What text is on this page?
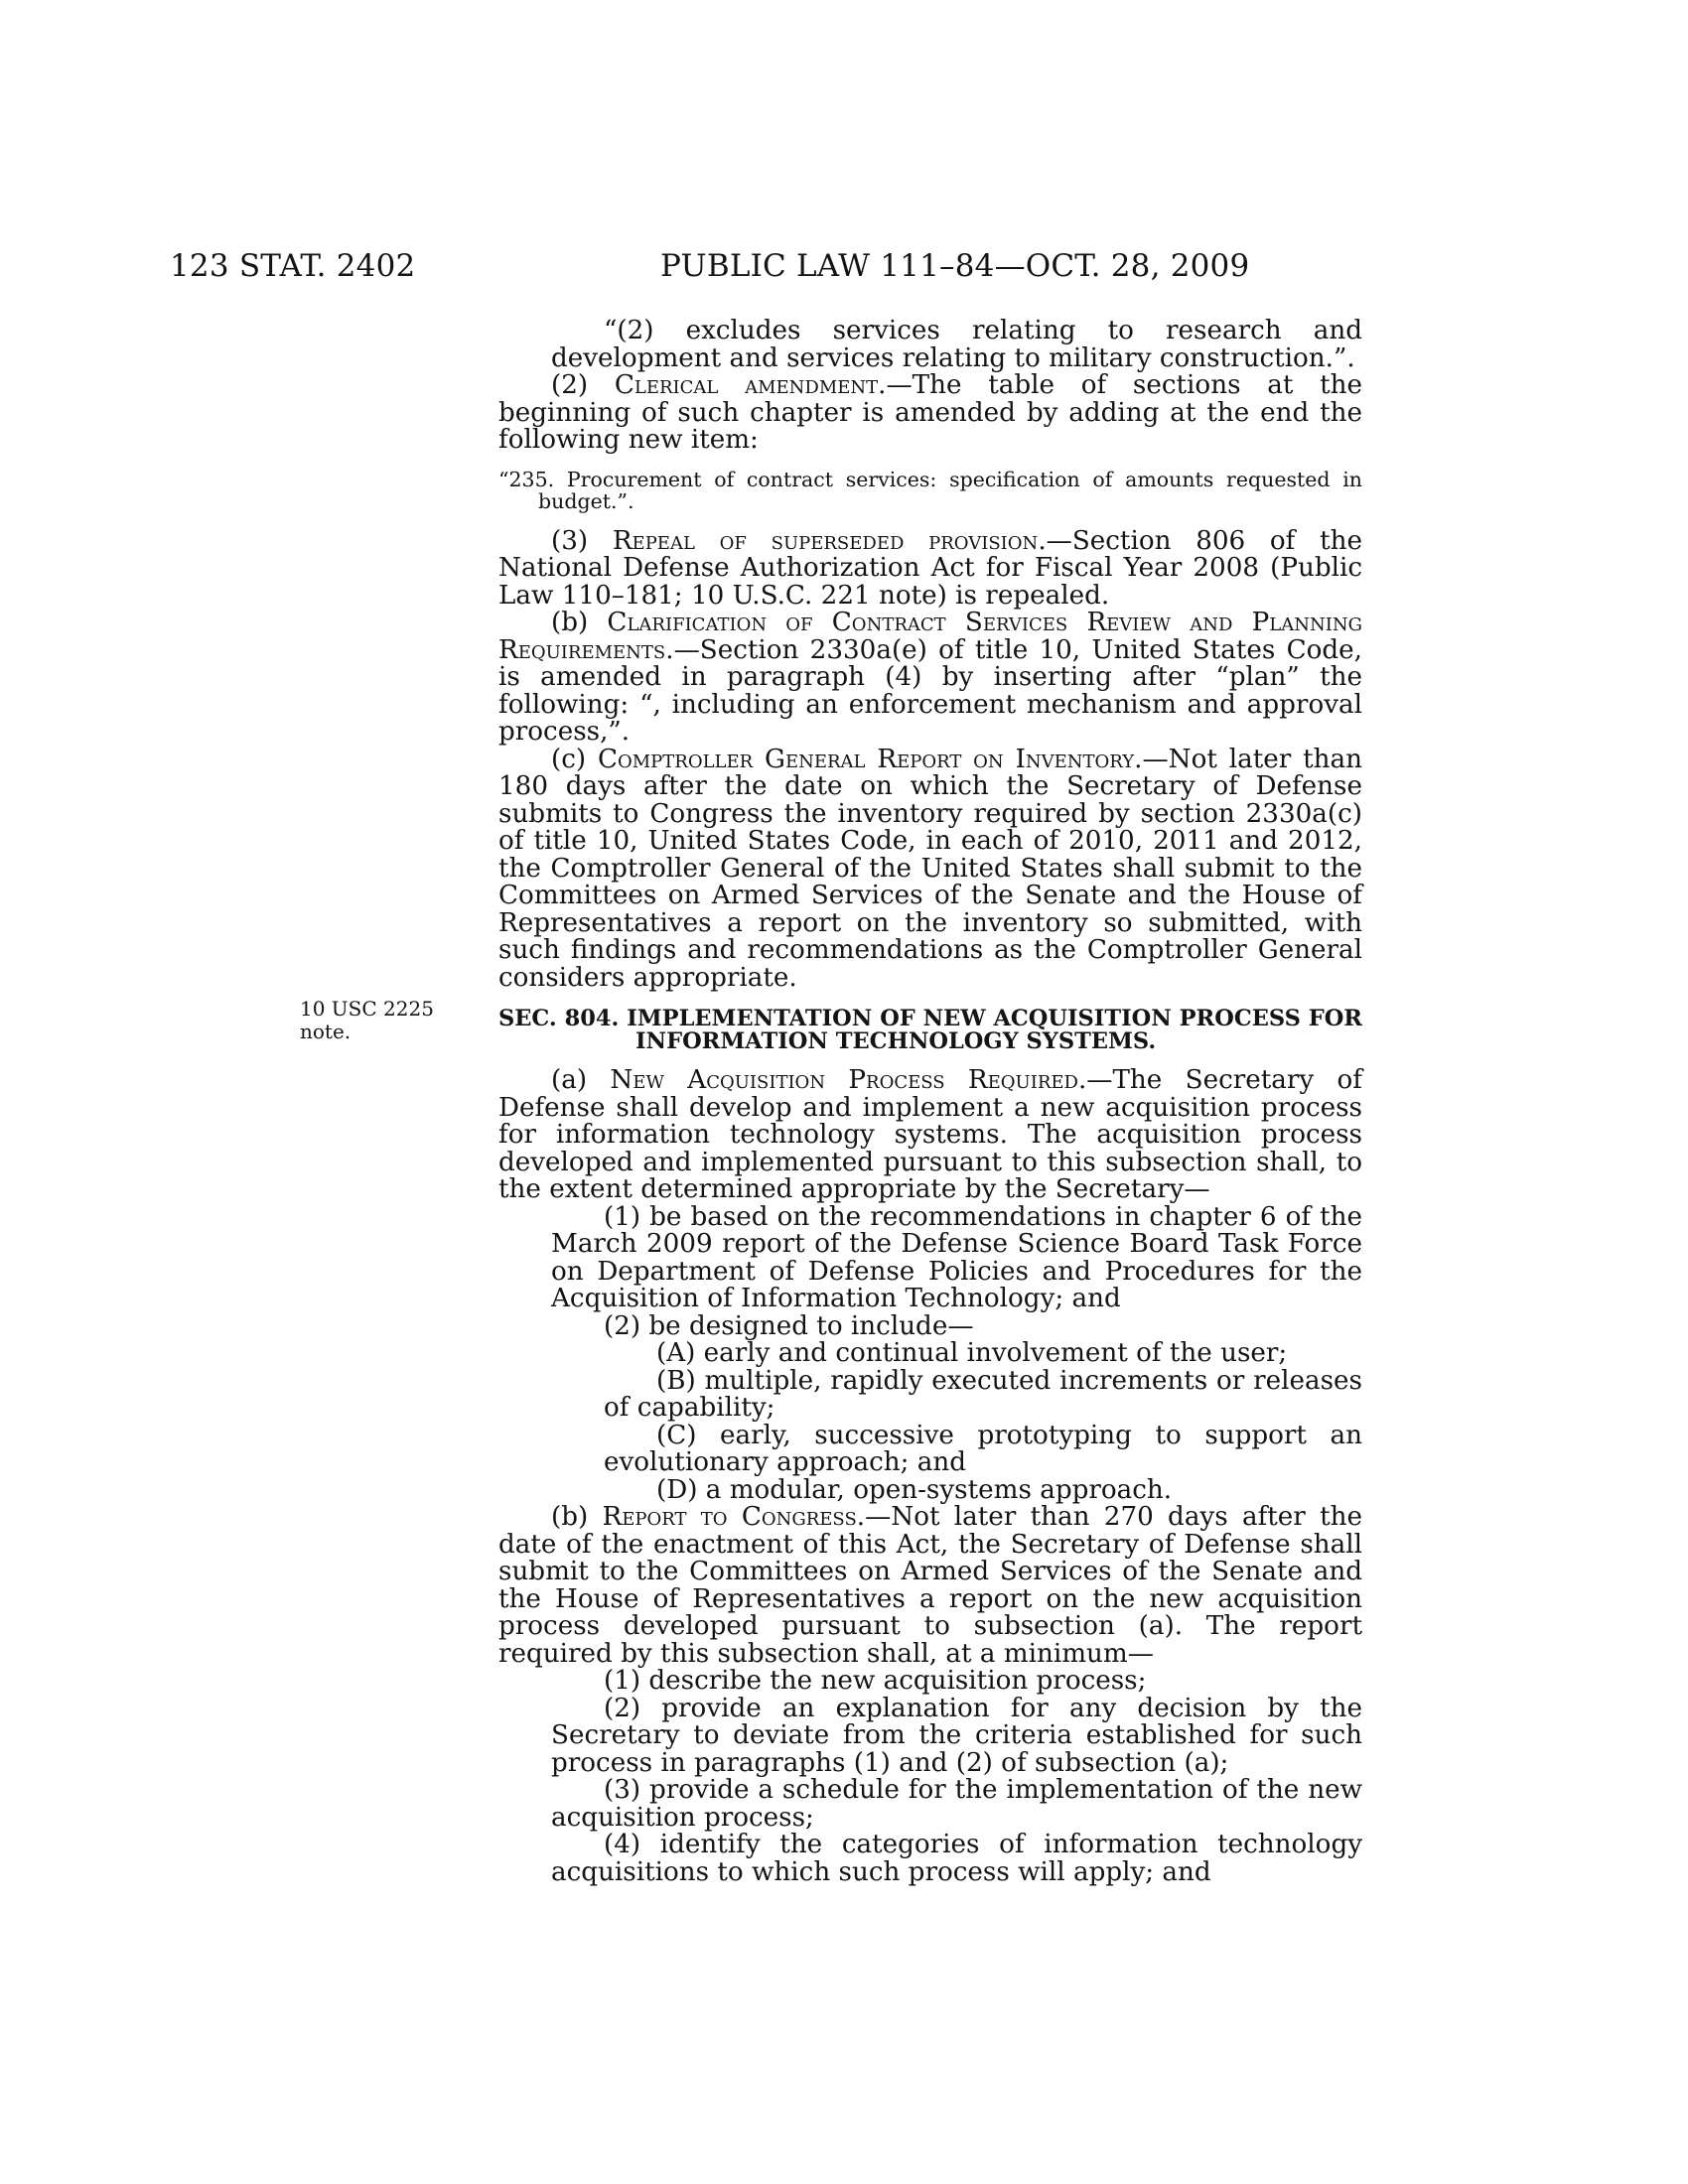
123 STAT. 2402	PUBLIC LAW 111–84—OCT. 28, 2009
10 USC 2225
note.

“(2) excludes services relating to research and development and services relating to military construction.”.

(2) Clerical amendment.—The table of sections at the beginning of such chapter is amended by adding at the end the following new item:

“235. Procurement of contract services: specification of amounts requested in budget.”.

(3) Repeal of superseded provision.—Section 806 of the National Defense Authorization Act for Fiscal Year 2008 (Public Law 110–181; 10 U.S.C. 221 note) is repealed.

(b) Clarification of Contract Services Review and Planning Requirements.—Section 2330a(e) of title 10, United States Code, is amended in paragraph (4) by inserting after “plan” the following: “, including an enforcement mechanism and approval process,”.

(c) Comptroller General Report on Inventory.—Not later than 180 days after the date on which the Secretary of Defense submits to Congress the inventory required by section 2330a(c) of title 10, United States Code, in each of 2010, 2011 and 2012, the Comptroller General of the United States shall submit to the Committees on Armed Services of the Senate and the House of Representatives a report on the inventory so submitted, with such findings and recommendations as the Comptroller General considers appropriate.

SEC. 804. IMPLEMENTATION OF NEW ACQUISITION PROCESS FOR INFORMATION TECHNOLOGY SYSTEMS.

(a) New Acquisition Process Required.—The Secretary of Defense shall develop and implement a new acquisition process for information technology systems. The acquisition process developed and implemented pursuant to this subsection shall, to the extent determined appropriate by the Secretary—

(1) be based on the recommendations in chapter 6 of the March 2009 report of the Defense Science Board Task Force on Department of Defense Policies and Procedures for the Acquisition of Information Technology; and

(2) be designed to include—

(A) early and continual involvement of the user;

(B) multiple, rapidly executed increments or releases of capability;

(C) early, successive prototyping to support an evolutionary approach; and

(D) a modular, open-systems approach.

(b) Report to Congress.—Not later than 270 days after the date of the enactment of this Act, the Secretary of Defense shall submit to the Committees on Armed Services of the Senate and the House of Representatives a report on the new acquisition process developed pursuant to subsection (a). The report required by this subsection shall, at a minimum—

(1) describe the new acquisition process;

(2) provide an explanation for any decision by the Secretary to deviate from the criteria established for such process in paragraphs (1) and (2) of subsection (a);

(3) provide a schedule for the implementation of the new acquisition process;

(4) identify the categories of information technology acquisitions to which such process will apply; and
